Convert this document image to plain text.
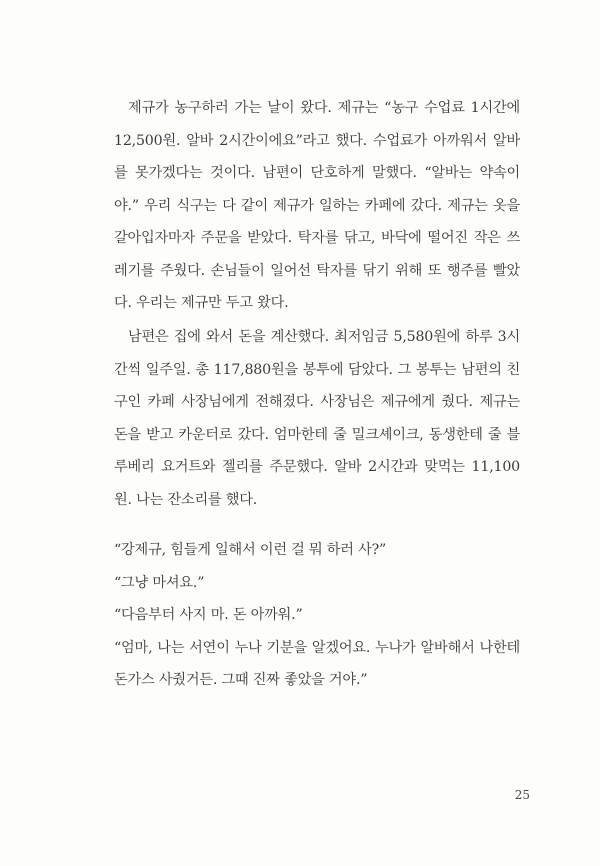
제규가 농구하러 가는 날이 왔다. 제규는 “농구 수업료 1시간에 12,500원. 알바 2시간이에요”라고 했다. 수업료가 아까워서 알바를 못가겠다는 것이다. 남편이 단호하게 말했다. “알바는 약속이야.” 우리 식구는 다 같이 제규가 일하는 카페에 갔다. 제규는 옷을 갈아입자마자 주문을 받았다. 탁자를 닦고, 바닥에 떨어진 작은 쓰레기를 주웠다. 손님들이 일어선 탁자를 닦기 위해 또 행주를 빨았다. 우리는 제규만 두고 왔다.

남편은 집에 와서 돈을 계산했다. 최저임금 5,580원에 하루 3시간씩 일주일. 총 117,880원을 봉투에 담았다. 그 봉투는 남편의 친구인 카페 사장님에게 전해졌다. 사장님은 제규에게 줬다. 제규는 돈을 받고 카운터로 갔다. 엄마한테 줄 밀크셰이크, 동생한테 줄 블루베리 요거트와 젤리를 주문했다. 알바 2시간과 맞먹는 11,100원. 나는 잔소리를 했다.

“강제규, 힘들게 일해서 이런 걸 뭐 하러 사?”

“그냥 마셔요.”

“다음부터 사지 마. 돈 아까워.”

“엄마, 나는 서연이 누나 기분을 알겠어요. 누나가 알바해서 나한테 돈가스 사줬거든. 그때 진짜 좋았을 거야.”

25
